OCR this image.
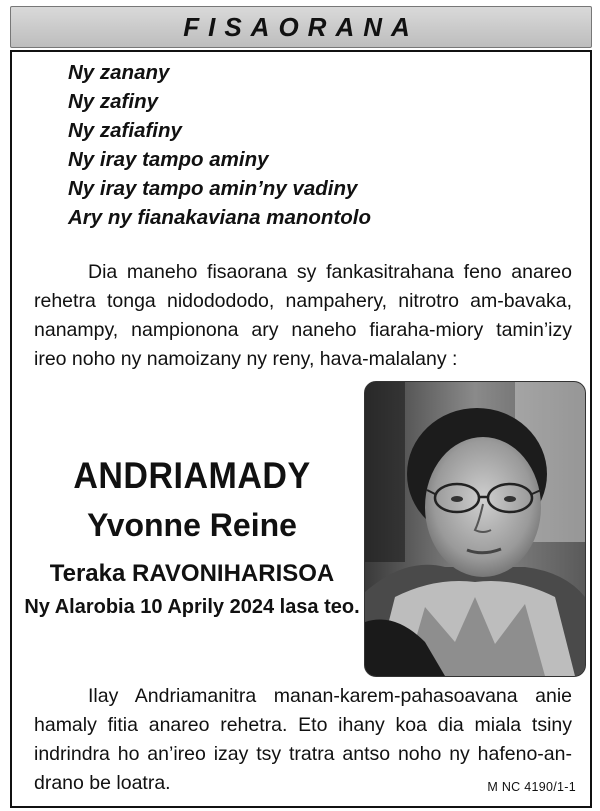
FISAORANA
Ny zanany
Ny zafiny
Ny zafiafiny
Ny iray tampo aminy
Ny iray tampo amin’ny vadiny
Ary ny fianakaviana manontolo

Dia maneho fisaorana sy fankasitrahana feno anareo rehetra tonga nidodododo, nampahery, nitrotro am-bavaka, nanampy, nampionona ary naneho fiaraha-miory tamin’izy ireo noho ny namoizany ny reny, hava-malalany :

ANDRIAMADY

Yvonne Reine

Teraka RAVONIHARISOA

Ny Alarobia 10 Aprily 2024 lasa teo.

Ilay Andriamanitra manan-karem-pahasoavana anie hamaly fitia anareo rehetra. Eto ihany koa dia miala tsiny indrindra ho an’ireo izay tsy tratra antso noho ny hafeno-an-drano be loatra.	M NC 4190/1-1
